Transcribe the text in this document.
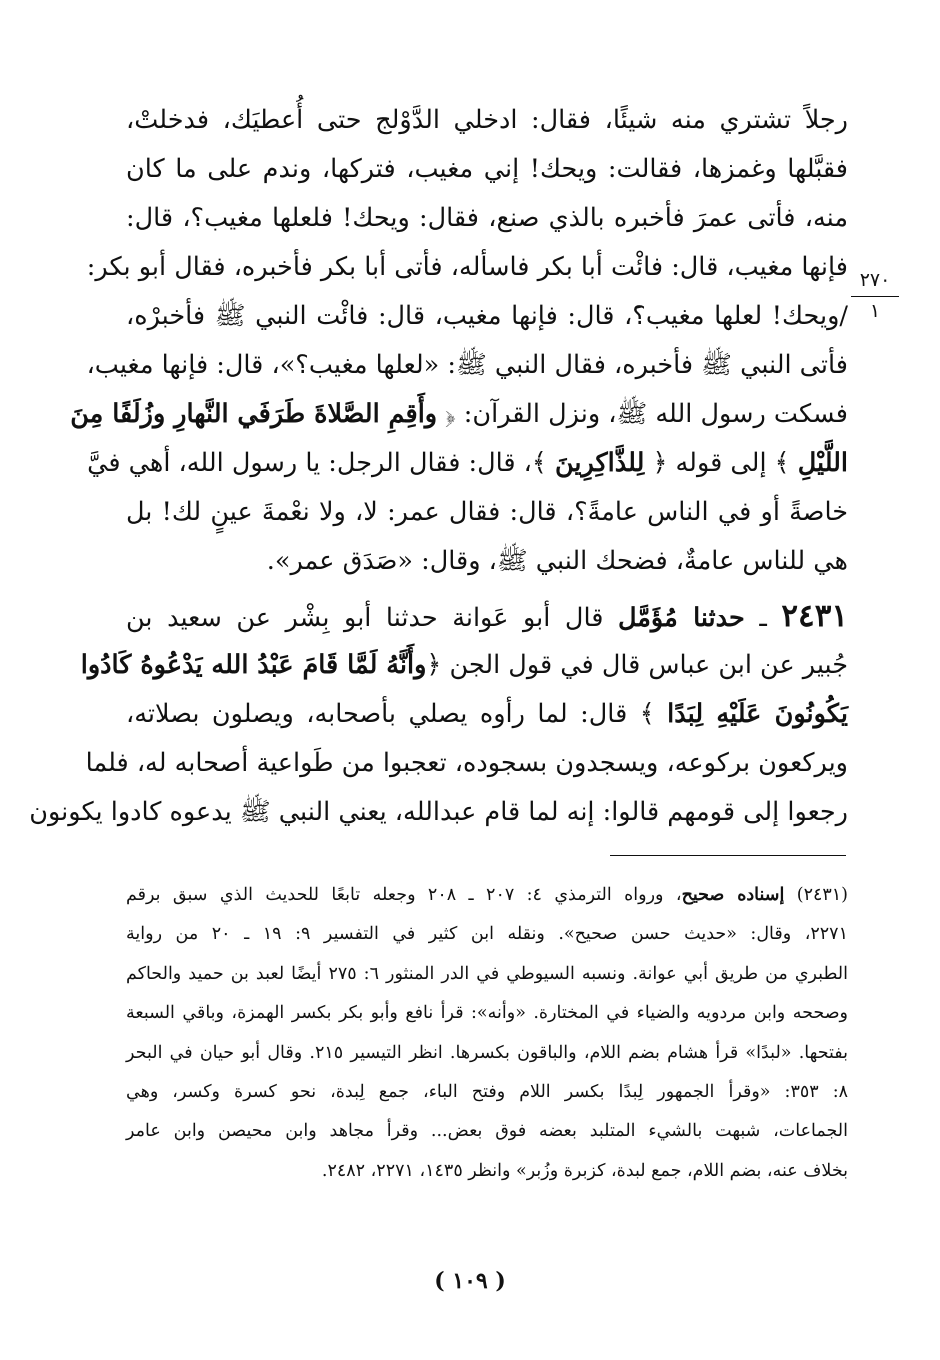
٢٧٠
١
رجلاً تشتري منه شيئًا، فقال: ادخلي الدَّوْلج حتى أُعطيَك، فدخلتْ،
فقبَّلها وغمزها، فقالت: ويحك! إني مغيب، فتركها، وندم على ما كان
منه، فأتى عمرَ فأخبره بالذي صنع، فقال: ويحك! فلعلها مغيب؟، قال:
فإنها مغيب، قال: فائْت أبا بكر فاسأله، فأتى أبا بكر فأخبره، فقال أبو بكر:
/ويحك! لعلها مغيب؟َ، قال: فإنها مغيب، قال: فائْت النبي ﷺ فأخبرْه،
فأتى النبي ﷺ فأخبره، فقال النبي ﷺ: «لعلها مغيب؟»، قال: فإنها مغيب،
فسكت رسول الله ﷺ، ونزل القرآن: ﴿ وأَقِمِ الصَّلاةَ طَرَفَي النَّهارِ وزُلَفًا مِنَ
اللَّيْلِ ﴾ إلى قوله ﴿ لِلذَّاكِرِينَ ﴾، قال: فقال الرجل: يا رسول الله، أهي فيَّ
خاصةً أو في الناس عامةً؟، قال: فقال عمر: لا، ولا نعْمةَ عينٍ لك! بل
هي للناس عامةٌ، فضحك النبي ﷺ، وقال: «صَدَق عمر».
٢٤٣١ ـ حدثنا مُؤَمَّل قال أبو عَوانة حدثنا أبو بِشْر عن سعيد بن
جُبير عن ابن عباس قال في قول الجن ﴿وأَنَّهُ لَمَّا قَامَ عَبْدُ الله يَدْعُوهُ كَادُوا
يَكُونُونَ عَلَيْهِ لِبَدًا ﴾ قال: لما رأوه يصلي بأصحابه، ويصلون بصلاته،
ويركعون بركوعه، ويسجدون بسجوده، تعجبوا من طَواعية أصحابه له، فلما
رجعوا إلى قومهم قالوا: إنه لما قام عبدالله، يعني النبي ﷺ يدعوه كادوا يكونون
(٢٤٣١) إسناده صحيح، ورواه الترمذي ٤: ٢٠٧ ـ ٢٠٨ وجعله تابعًا للحديث الذي سبق برقم
٢٢٧١، وقال: «حديث حسن صحيح». ونقله ابن كثير في التفسير ٩: ١٩ ـ ٢٠ من رواية
الطبري من طريق أبي عوانة. ونسبه السيوطي في الدر المنثور ٦: ٢٧٥ أيضًا لعبد بن حميد والحاكم
وصححه وابن مردويه والضياء في المختارة. «وأنه»: قرأ نافع وأبو بكر بكسر الهمزة، وباقي السبعة
بفتحها. «لبدًا» قرأ هشام بضم اللام، والباقون بكسرها. انظر التيسير ٢١٥. وقال أبو حيان في البحر
٨: ٣٥٣: «وقرأ الجمهور لِبدًا بكسر اللام وفتح الباء، جمع لِبدة، نحو كسرة وكسر، وهي
الجماعات، شبهت بالشيء المتلبد بعضه فوق بعض... وقرأ مجاهد وابن محيصن وابن عامر
بخلاف عنه، بضم اللام، جمع لبدة، كزبرة وزُبر» وانظر ١٤٣٥، ٢٢٧١، ٢٤٨٢.
( ١٠٩ )
